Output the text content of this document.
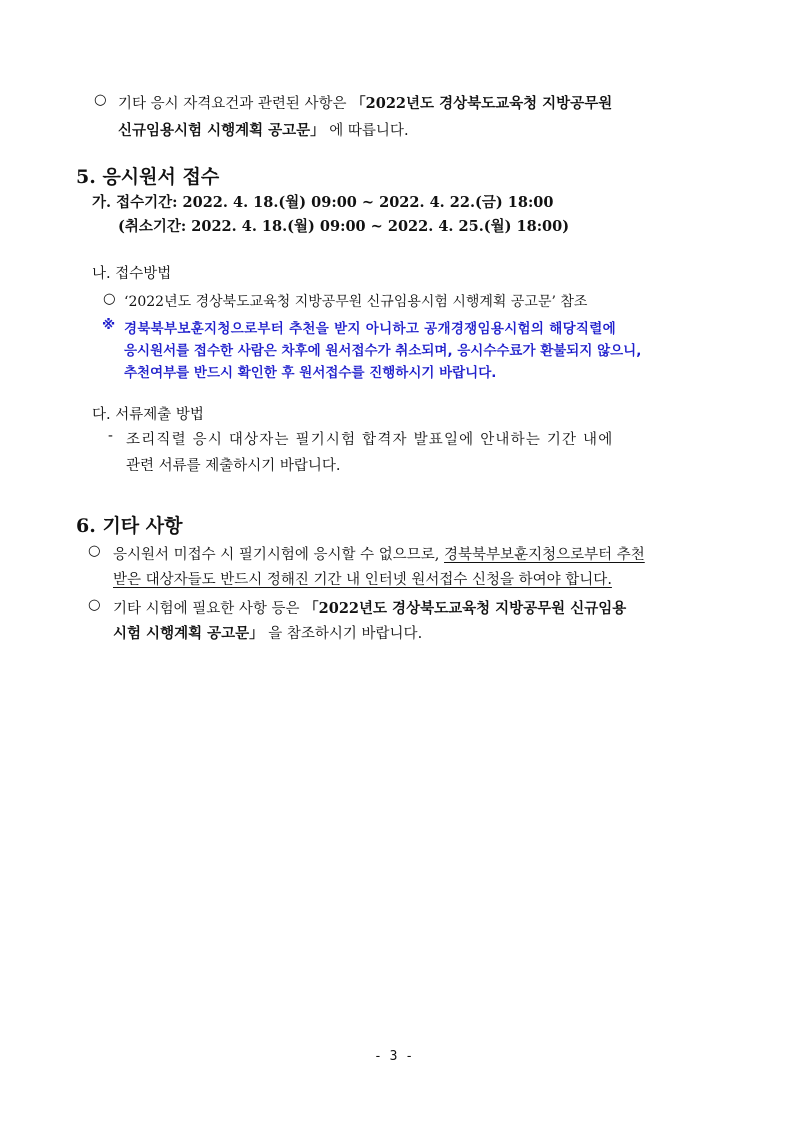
○ 기타 응시 자격요건과 관련된 사항은 「2022년도 경상북도교육청 지방공무원
신규임용시험 시행계획 공고문」 에 따릅니다.
5. 응시원서 접수
가. 접수기간: 2022. 4. 18.(월) 09:00 ~ 2022. 4. 22.(금) 18:00
(취소기간: 2022. 4. 18.(월) 09:00 ~ 2022. 4. 25.(월) 18:00)
나. 접수방법
○ ‘2022년도 경상북도교육청 지방공무원 신규임용시험 시행계획 공고문’ 참조
※ 경북북부보훈지청으로부터 추천을 받지 아니하고 공개경쟁임용시험의 해당직렬에
응시원서를 접수한 사람은 차후에 원서접수가 취소되며, 응시수수료가 환불되지 않으니,
추천여부를 반드시 확인한 후 원서접수를 진행하시기 바랍니다.
다. 서류제출 방법
- 조리직렬 응시 대상자는 필기시험 합격자 발표일에 안내하는 기간 내에
관련 서류를 제출하시기 바랍니다.
6. 기타 사항
○ 응시원서 미접수 시 필기시험에 응시할 수 없으므로, 경북북부보훈지청으로부터 추천
받은 대상자들도 반드시 정해진 기간 내 인터넷 원서접수 신청을 하여야 합니다.
○ 기타 시험에 필요한 사항 등은 「2022년도 경상북도교육청 지방공무원 신규임용
시험 시행계획 공고문」 을 참조하시기 바랍니다.
- 3 -
